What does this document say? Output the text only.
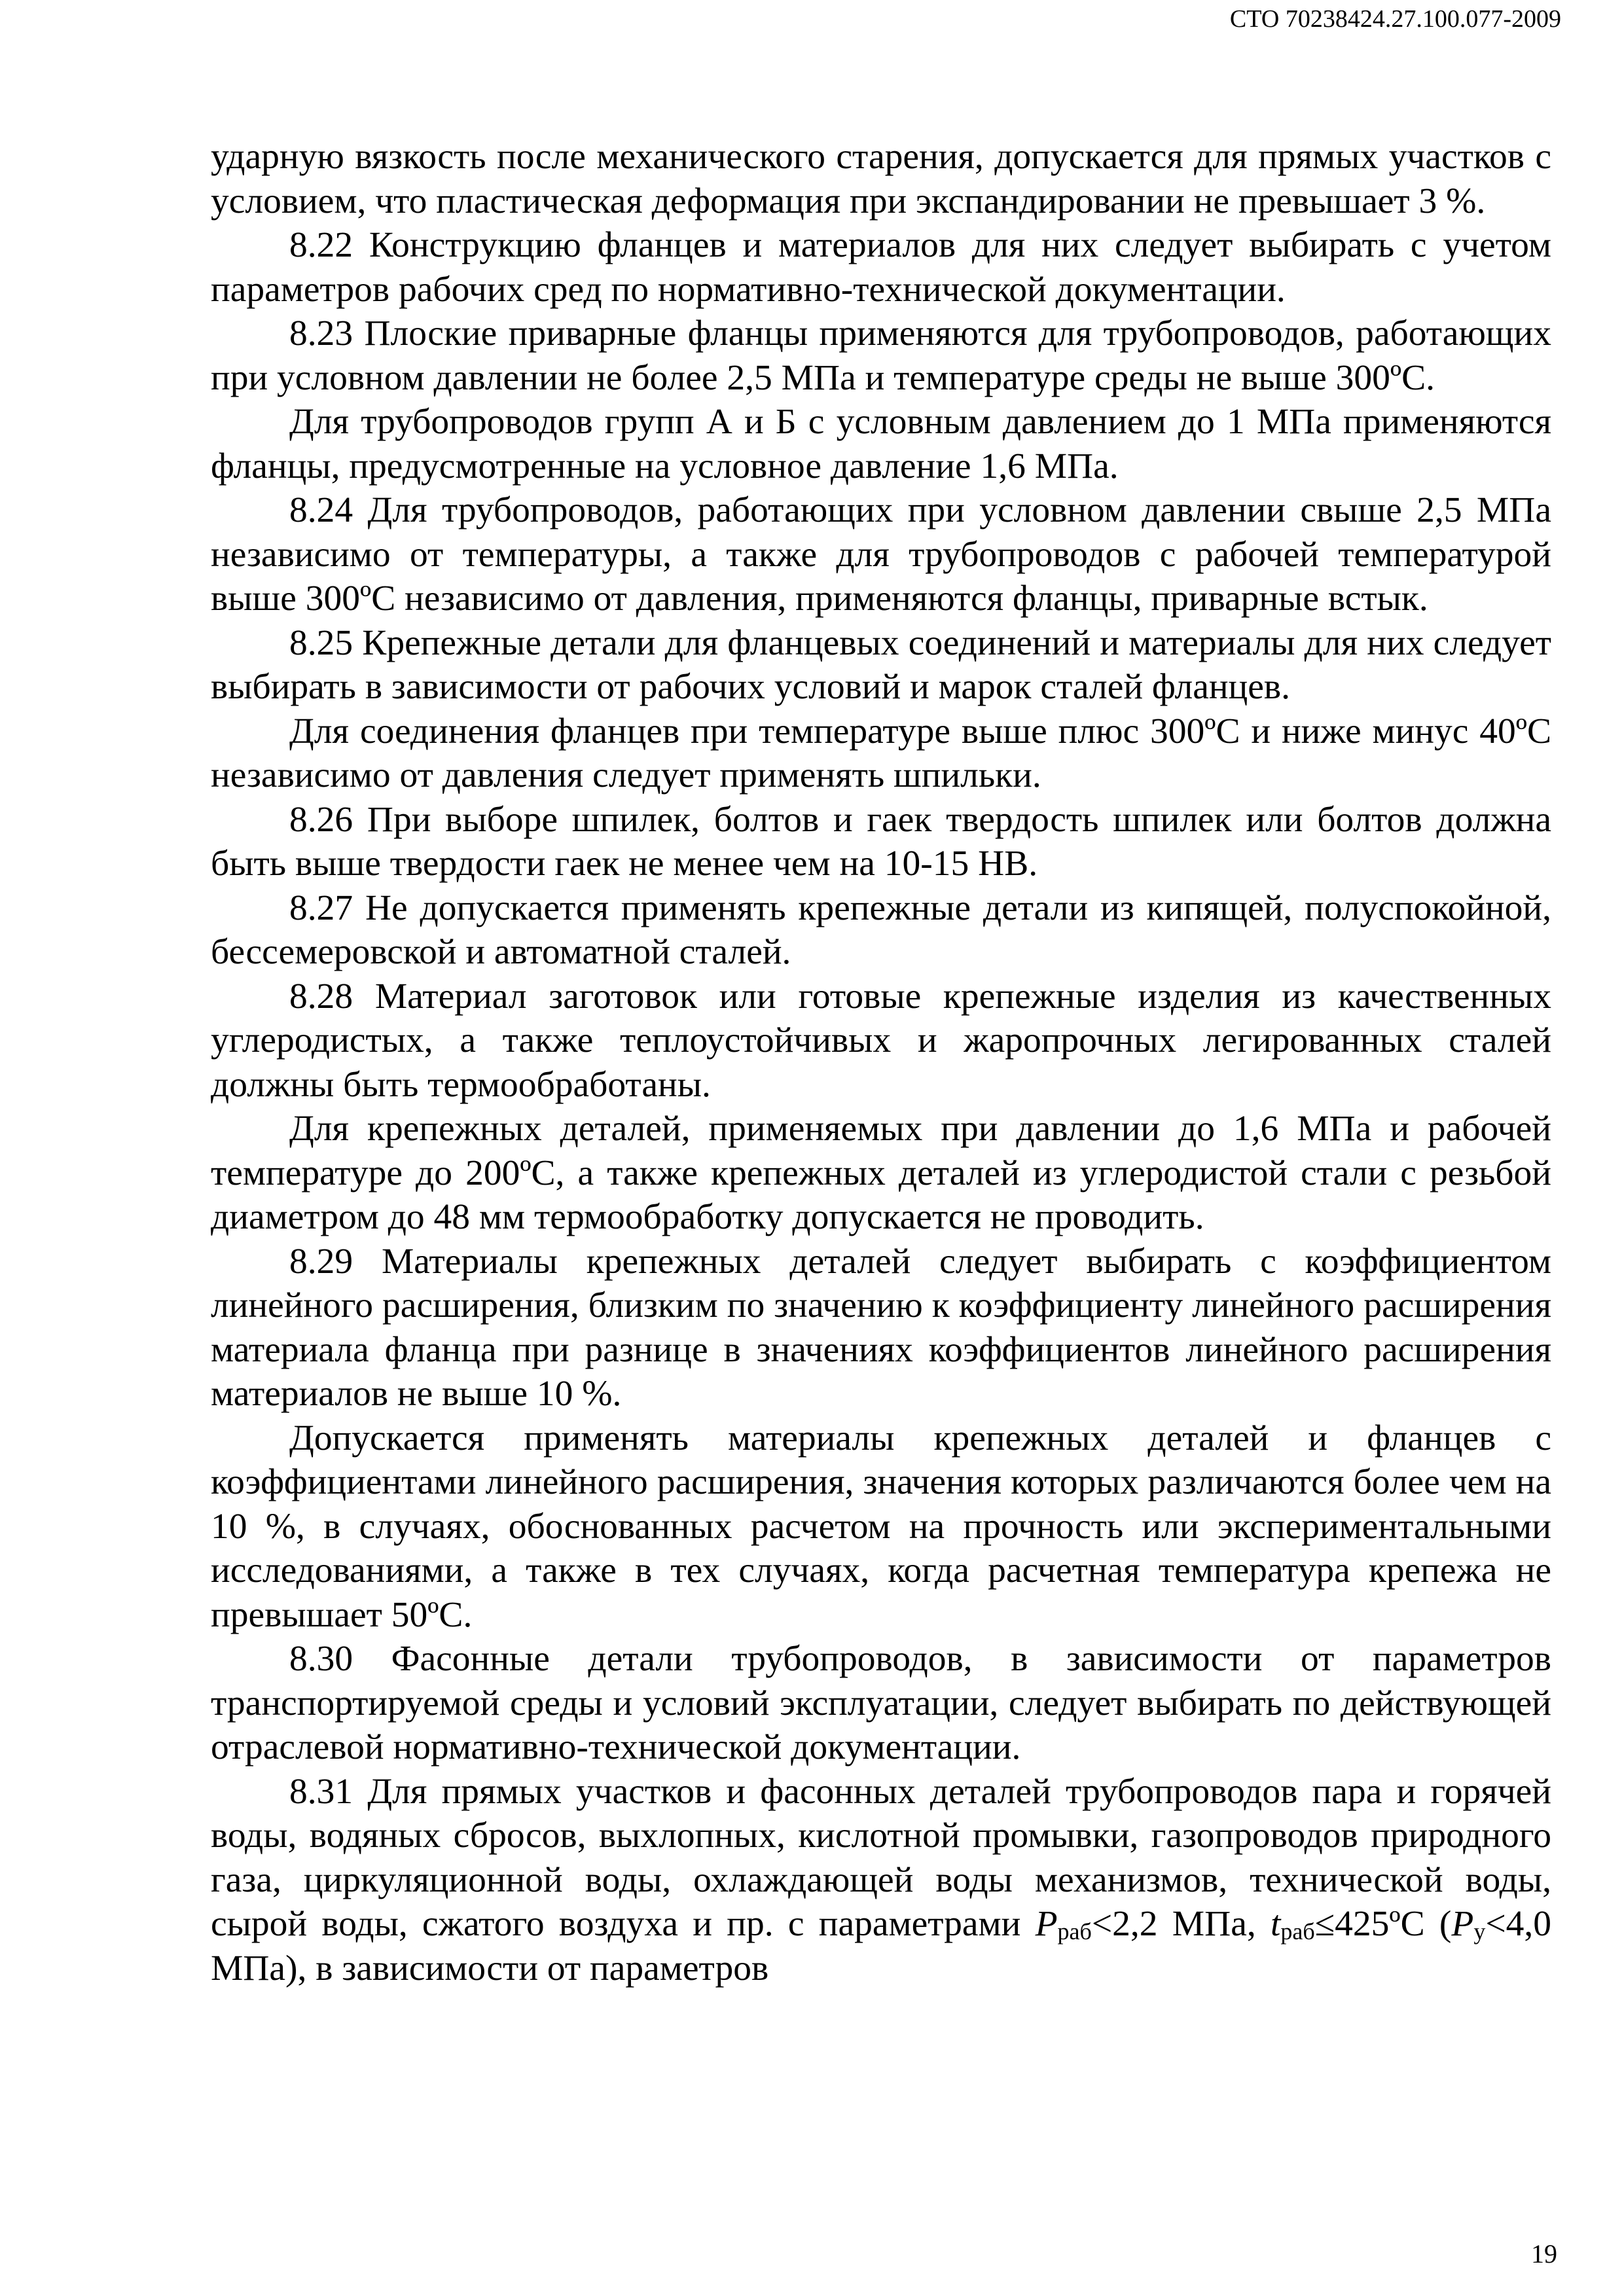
СТО 70238424.27.100.077-2009

ударную вязкость после механического старения, допускается для прямых участков с условием, что пластическая деформация при экспандировании не превышает 3 %.

8.22 Конструкцию фланцев и материалов для них следует выбирать с учетом параметров рабочих сред по нормативно-технической документации.

8.23 Плоские приварные фланцы применяются для трубопроводов, работающих при условном давлении не более 2,5 МПа и температуре среды не выше 300ºС.

Для трубопроводов групп А и Б с условным давлением до 1 МПа применяются фланцы, предусмотренные на условное давление 1,6 МПа.

8.24 Для трубопроводов, работающих при условном давлении свыше 2,5 МПа независимо от температуры, а также для трубопроводов с рабочей температурой выше 300ºС независимо от давления, применяются фланцы, приварные встык.

8.25 Крепежные детали для фланцевых соединений и материалы для них следует выбирать в зависимости от рабочих условий и марок сталей фланцев.

Для соединения фланцев при температуре выше плюс 300ºС и ниже минус 40ºС независимо от давления следует применять шпильки.

8.26 При выборе шпилек, болтов и гаек твердость шпилек или болтов должна быть выше твердости гаек не менее чем на 10-15 НВ.

8.27 Не допускается применять крепежные детали из кипящей, полуспокойной, бессемеровской и автоматной сталей.

8.28 Материал заготовок или готовые крепежные изделия из качественных углеродистых, а также теплоустойчивых и жаропрочных легированных сталей должны быть термообработаны.

Для крепежных деталей, применяемых при давлении до 1,6 МПа и рабочей температуре до 200ºС, а также крепежных деталей из углеродистой стали с резьбой диаметром до 48 мм термообработку допускается не проводить.

8.29 Материалы крепежных деталей следует выбирать с коэффициентом линейного расширения, близким по значению к коэффициенту линейного расширения материала фланца при разнице в значениях коэффициентов линейного расширения материалов не выше 10 %.

Допускается применять материалы крепежных деталей и фланцев с коэффициентами линейного расширения, значения которых различаются более чем на 10 %, в случаях, обоснованных расчетом на прочность или экспериментальными исследованиями, а также в тех случаях, когда расчетная температура крепежа не превышает 50ºС.

8.30 Фасонные детали трубопроводов, в зависимости от параметров транспортируемой среды и условий эксплуатации, следует выбирать по действующей отраслевой нормативно-технической документации.

8.31 Для прямых участков и фасонных деталей трубопроводов пара и горячей воды, водяных сбросов, выхлопных, кислотной промывки, газопроводов природного газа, циркуляционной воды, охлаждающей воды механизмов, технической воды, сырой воды, сжатого воздуха и пр. с параметрами $P_{раб}<2,2$ МПа, $t_{раб}\le 425ºС$ ($P_у<4,0$ МПа), в зависимости от параметров

19
